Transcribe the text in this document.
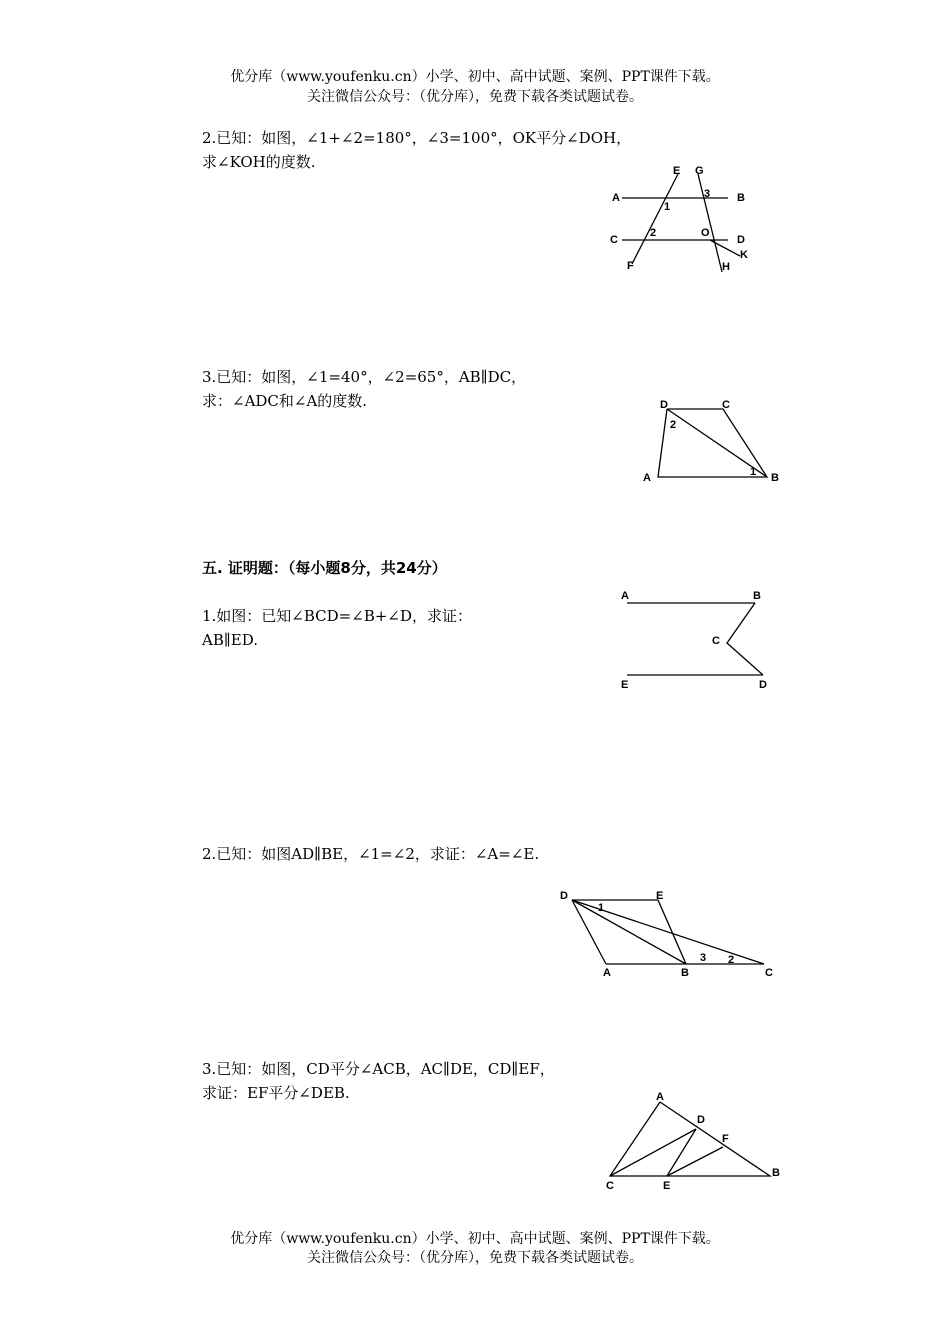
优分库（www.youfenku.cn）小学、初中、高中试题、案例、PPT课件下载。
关注微信公众号：（优分库），免费下载各类试题试卷。
2.已知：如图，∠1+∠2=180°，∠3=100°，OK平分∠DOH，
求∠KOH的度数.
A	B
C	D
E G
F	H
K
O
1
2
3
3.已知：如图，∠1=40°，∠2=65°，AB∥DC，
求：∠ADC和∠A的度数.	D	C
A	B
1
2
五. 证明题：（每小题8分，共24分）
1.如图：已知∠BCD=∠B+∠D，求证：
AB∥ED.
A	B
C
E	D
2.已知：如图AD∥BE，∠1=∠2，求证：∠A=∠E.
D	E
A	B	C
1
2
3
3.已知：如图，CD平分∠ACB，AC∥DE，CD∥EF，
求证：EF平分∠DEB.	A
D
F
C	E
B
优分库（www.youfenku.cn）小学、初中、高中试题、案例、PPT课件下载。
关注微信公众号：（优分库），免费下载各类试题试卷。
